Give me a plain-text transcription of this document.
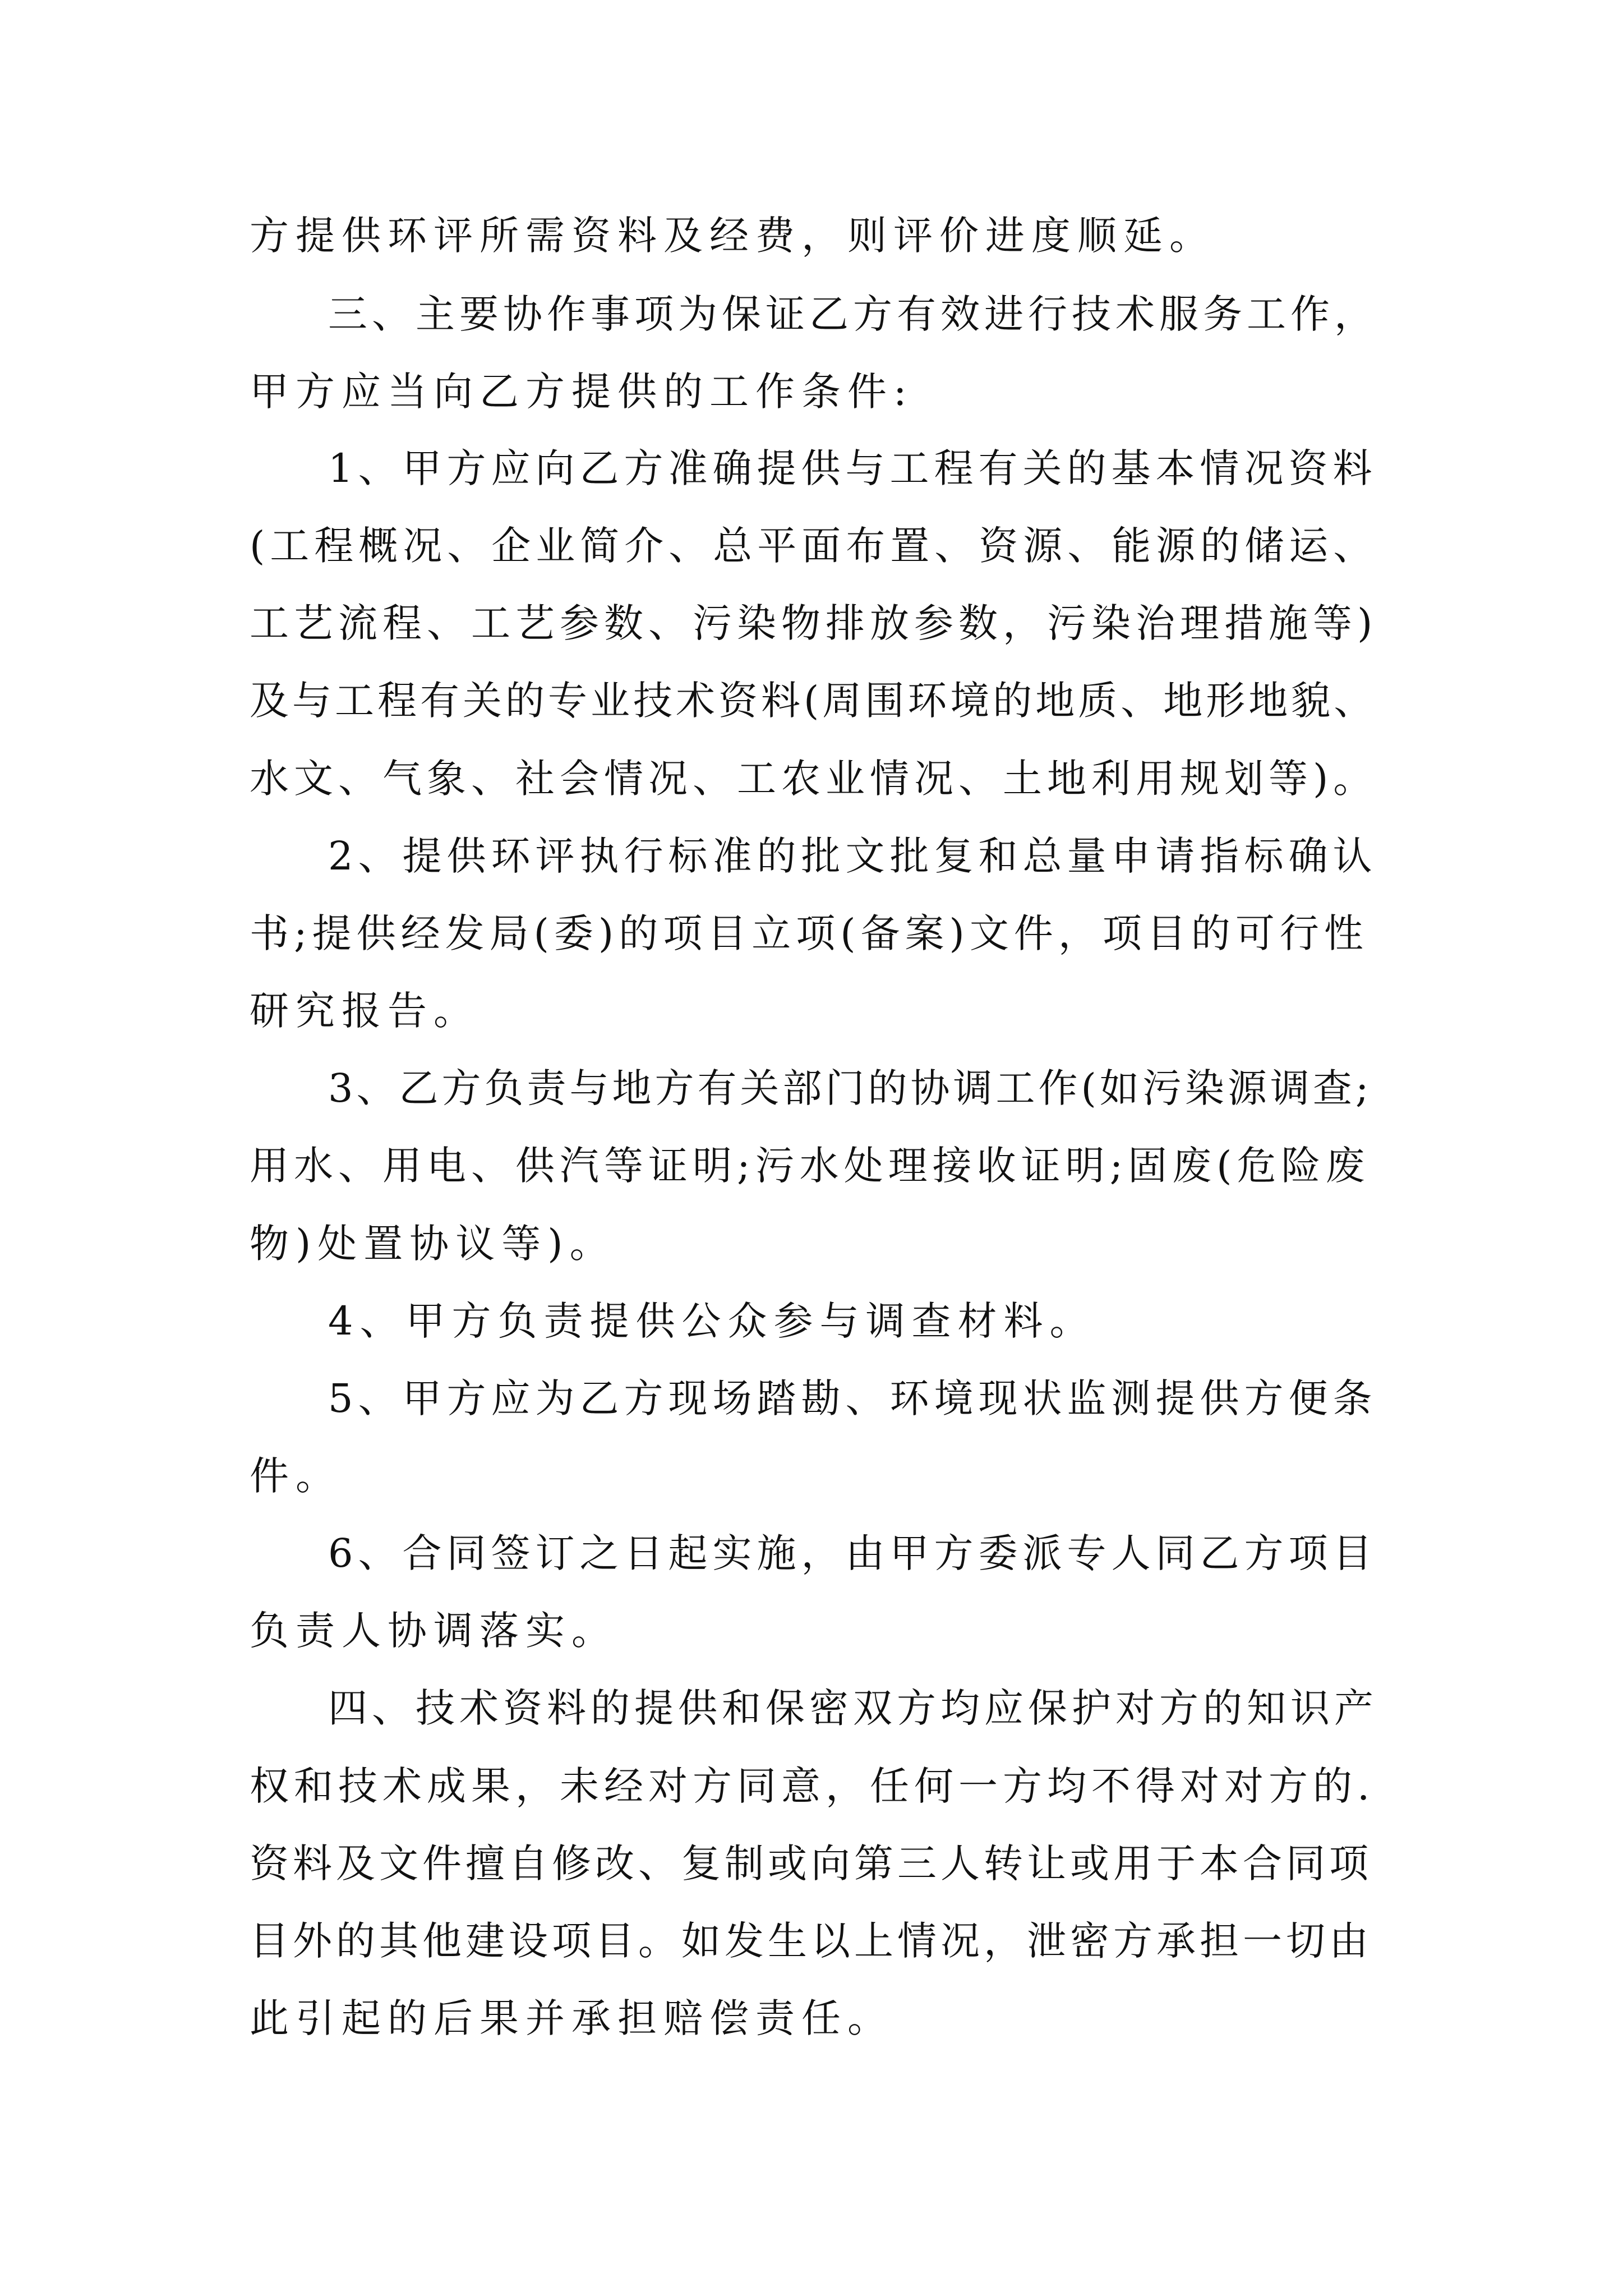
方提供环评所需资料及经费，则评价进度顺延。

三、主要协作事项为保证乙方有效进行技术服务工作，

甲方应当向乙方提供的工作条件:

1、甲方应向乙方准确提供与工程有关的基本情况资料

(工程概况、企业简介、总平面布置、资源、能源的储运、

工艺流程、工艺参数、污染物排放参数，污染治理措施等)

及与工程有关的专业技术资料(周围环境的地质、地形地貌、

水文、气象、社会情况、工农业情况、土地利用规划等)。

2、提供环评执行标准的批文批复和总量申请指标确认

书;提供经发局(委)的项目立项(备案)文件，项目的可行性

研究报告。

3、乙方负责与地方有关部门的协调工作(如污染源调查;

用水、用电、供汽等证明;污水处理接收证明;固废(危险废

物)处置协议等)。

4、甲方负责提供公众参与调查材料。

5、甲方应为乙方现场踏勘、环境现状监测提供方便条

件。

6、合同签订之日起实施，由甲方委派专人同乙方项目

负责人协调落实。

四、技术资料的提供和保密双方均应保护对方的知识产

权和技术成果，未经对方同意，任何一方均不得对对方的.

资料及文件擅自修改、复制或向第三人转让或用于本合同项

目外的其他建设项目。如发生以上情况，泄密方承担一切由

此引起的后果并承担赔偿责任。
